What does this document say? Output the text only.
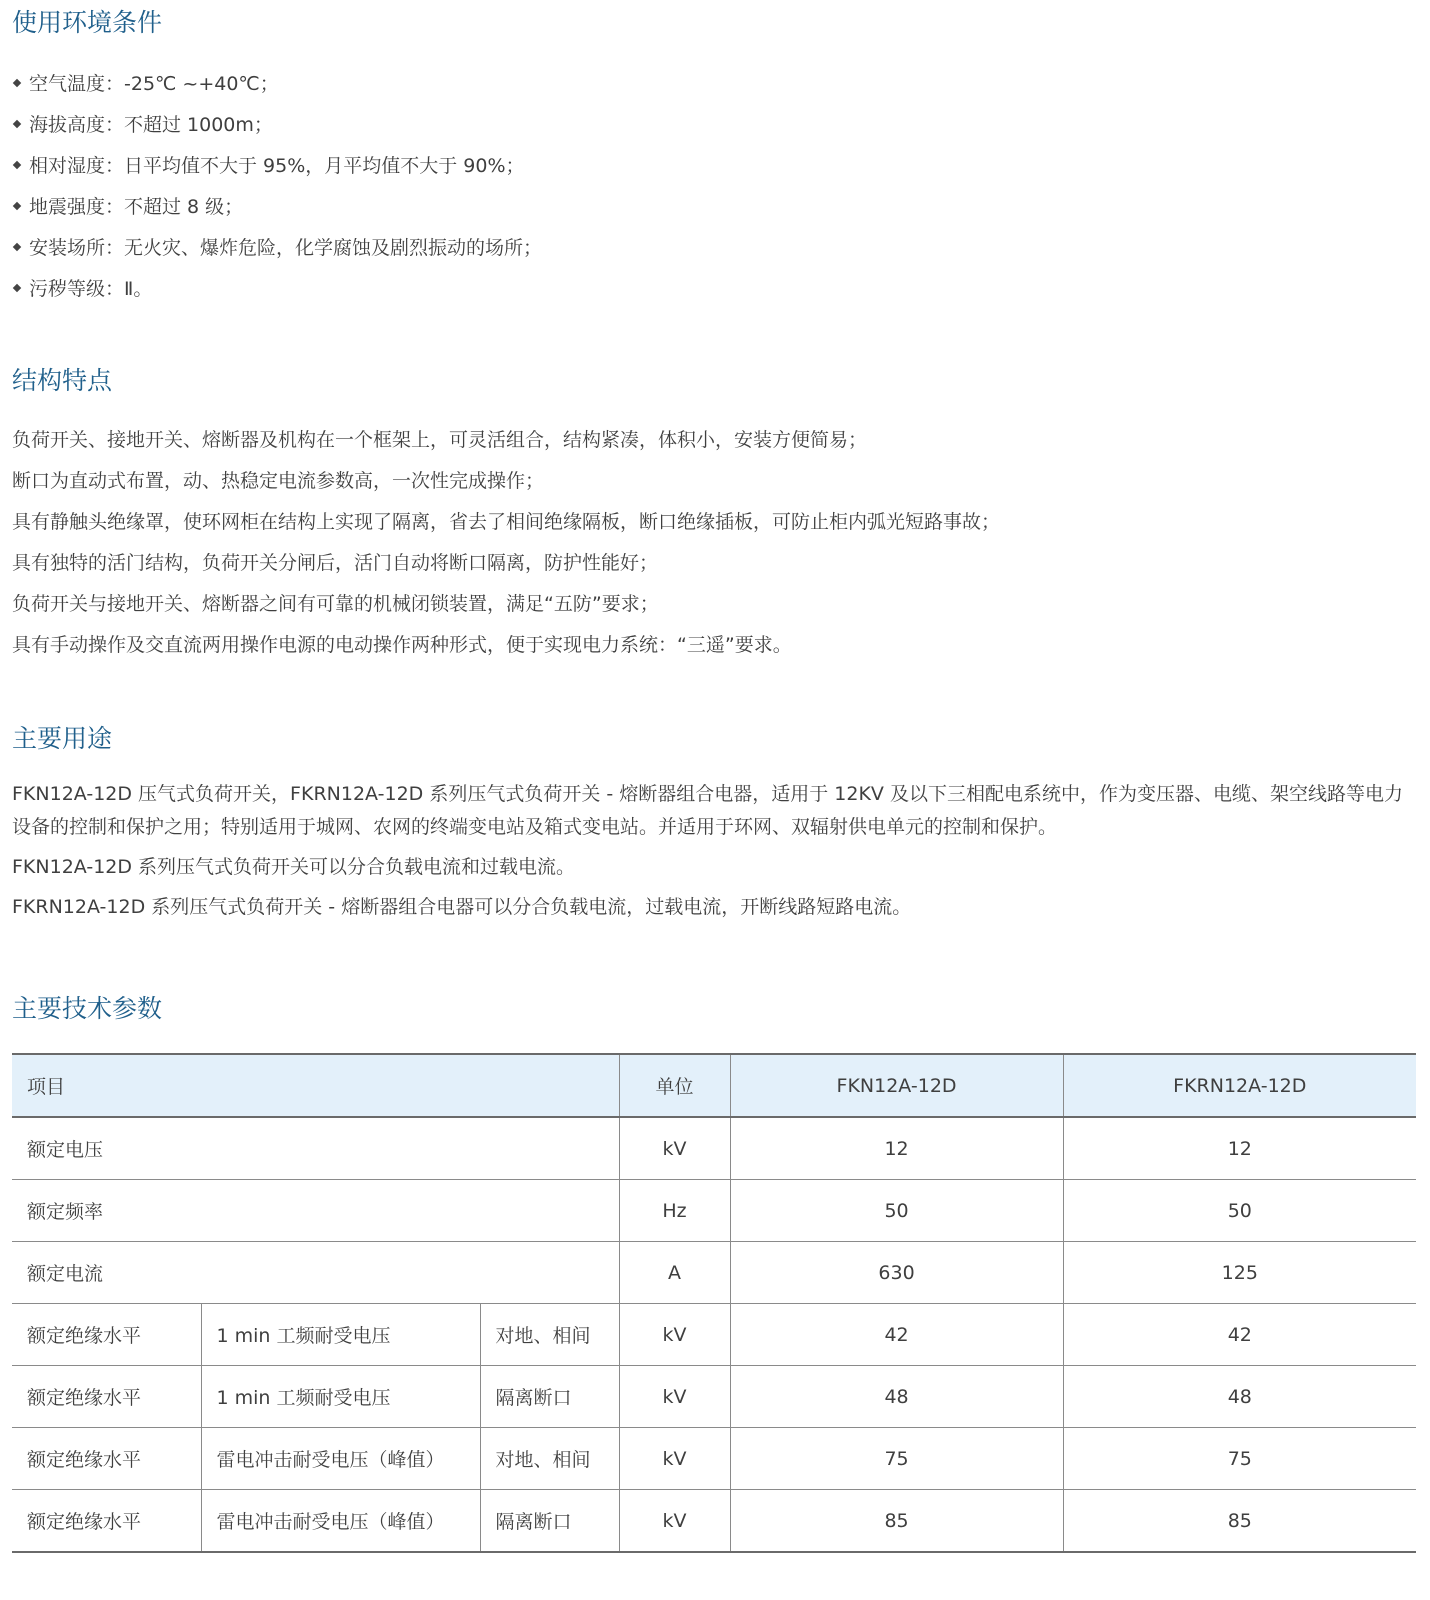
使用环境条件
空气温度：-25℃ ~+40℃；
海拔高度：不超过 1000m；
相对湿度：日平均值不大于 95%，月平均值不大于 90%；
地震强度：不超过 8 级；
安装场所：无火灾、爆炸危险，化学腐蚀及剧烈振动的场所；
污秽等级：Ⅱ。
结构特点

负荷开关、接地开关、熔断器及机构在一个框架上，可灵活组合，结构紧凑，体积小，安装方便简易；

断口为直动式布置，动、热稳定电流参数高，一次性完成操作；

具有静触头绝缘罩，使环网柜在结构上实现了隔离，省去了相间绝缘隔板，断口绝缘插板，可防止柜内弧光短路事故；

具有独特的活门结构，负荷开关分闸后，活门自动将断口隔离，防护性能好；

负荷开关与接地开关、熔断器之间有可靠的机械闭锁装置，满足“五防”要求；

具有手动操作及交直流两用操作电源的电动操作两种形式，便于实现电力系统：“三遥”要求。

主要用途

FKN12A-12D 压气式负荷开关，FKRN12A-12D 系列压气式负荷开关 - 熔断器组合电器，适用于 12KV 及以下三相配电系统中，作为变压器、电缆、架空线路等电力设备的控制和保护之用；特别适用于城网、农网的终端变电站及箱式变电站。并适用于环网、双辐射供电单元的控制和保护。

FKN12A-12D 系列压气式负荷开关可以分合负载电流和过载电流。

FKRN12A-12D 系列压气式负荷开关 - 熔断器组合电器可以分合负载电流，过载电流，开断线路短路电流。

主要技术参数
项目			单位	FKN12A-12D	FKRN12A-12D
额定电压			kV	12	12
额定频率			Hz	50	50
额定电流			A	630	125
额定绝缘水平	1 min 工频耐受电压	对地、相间	kV	42	42
额定绝缘水平	1 min 工频耐受电压	隔离断口	kV	48	48
额定绝缘水平	雷电冲击耐受电压（峰值）	对地、相间	kV	75	75
额定绝缘水平	雷电冲击耐受电压（峰值）	隔离断口	kV	85	85
